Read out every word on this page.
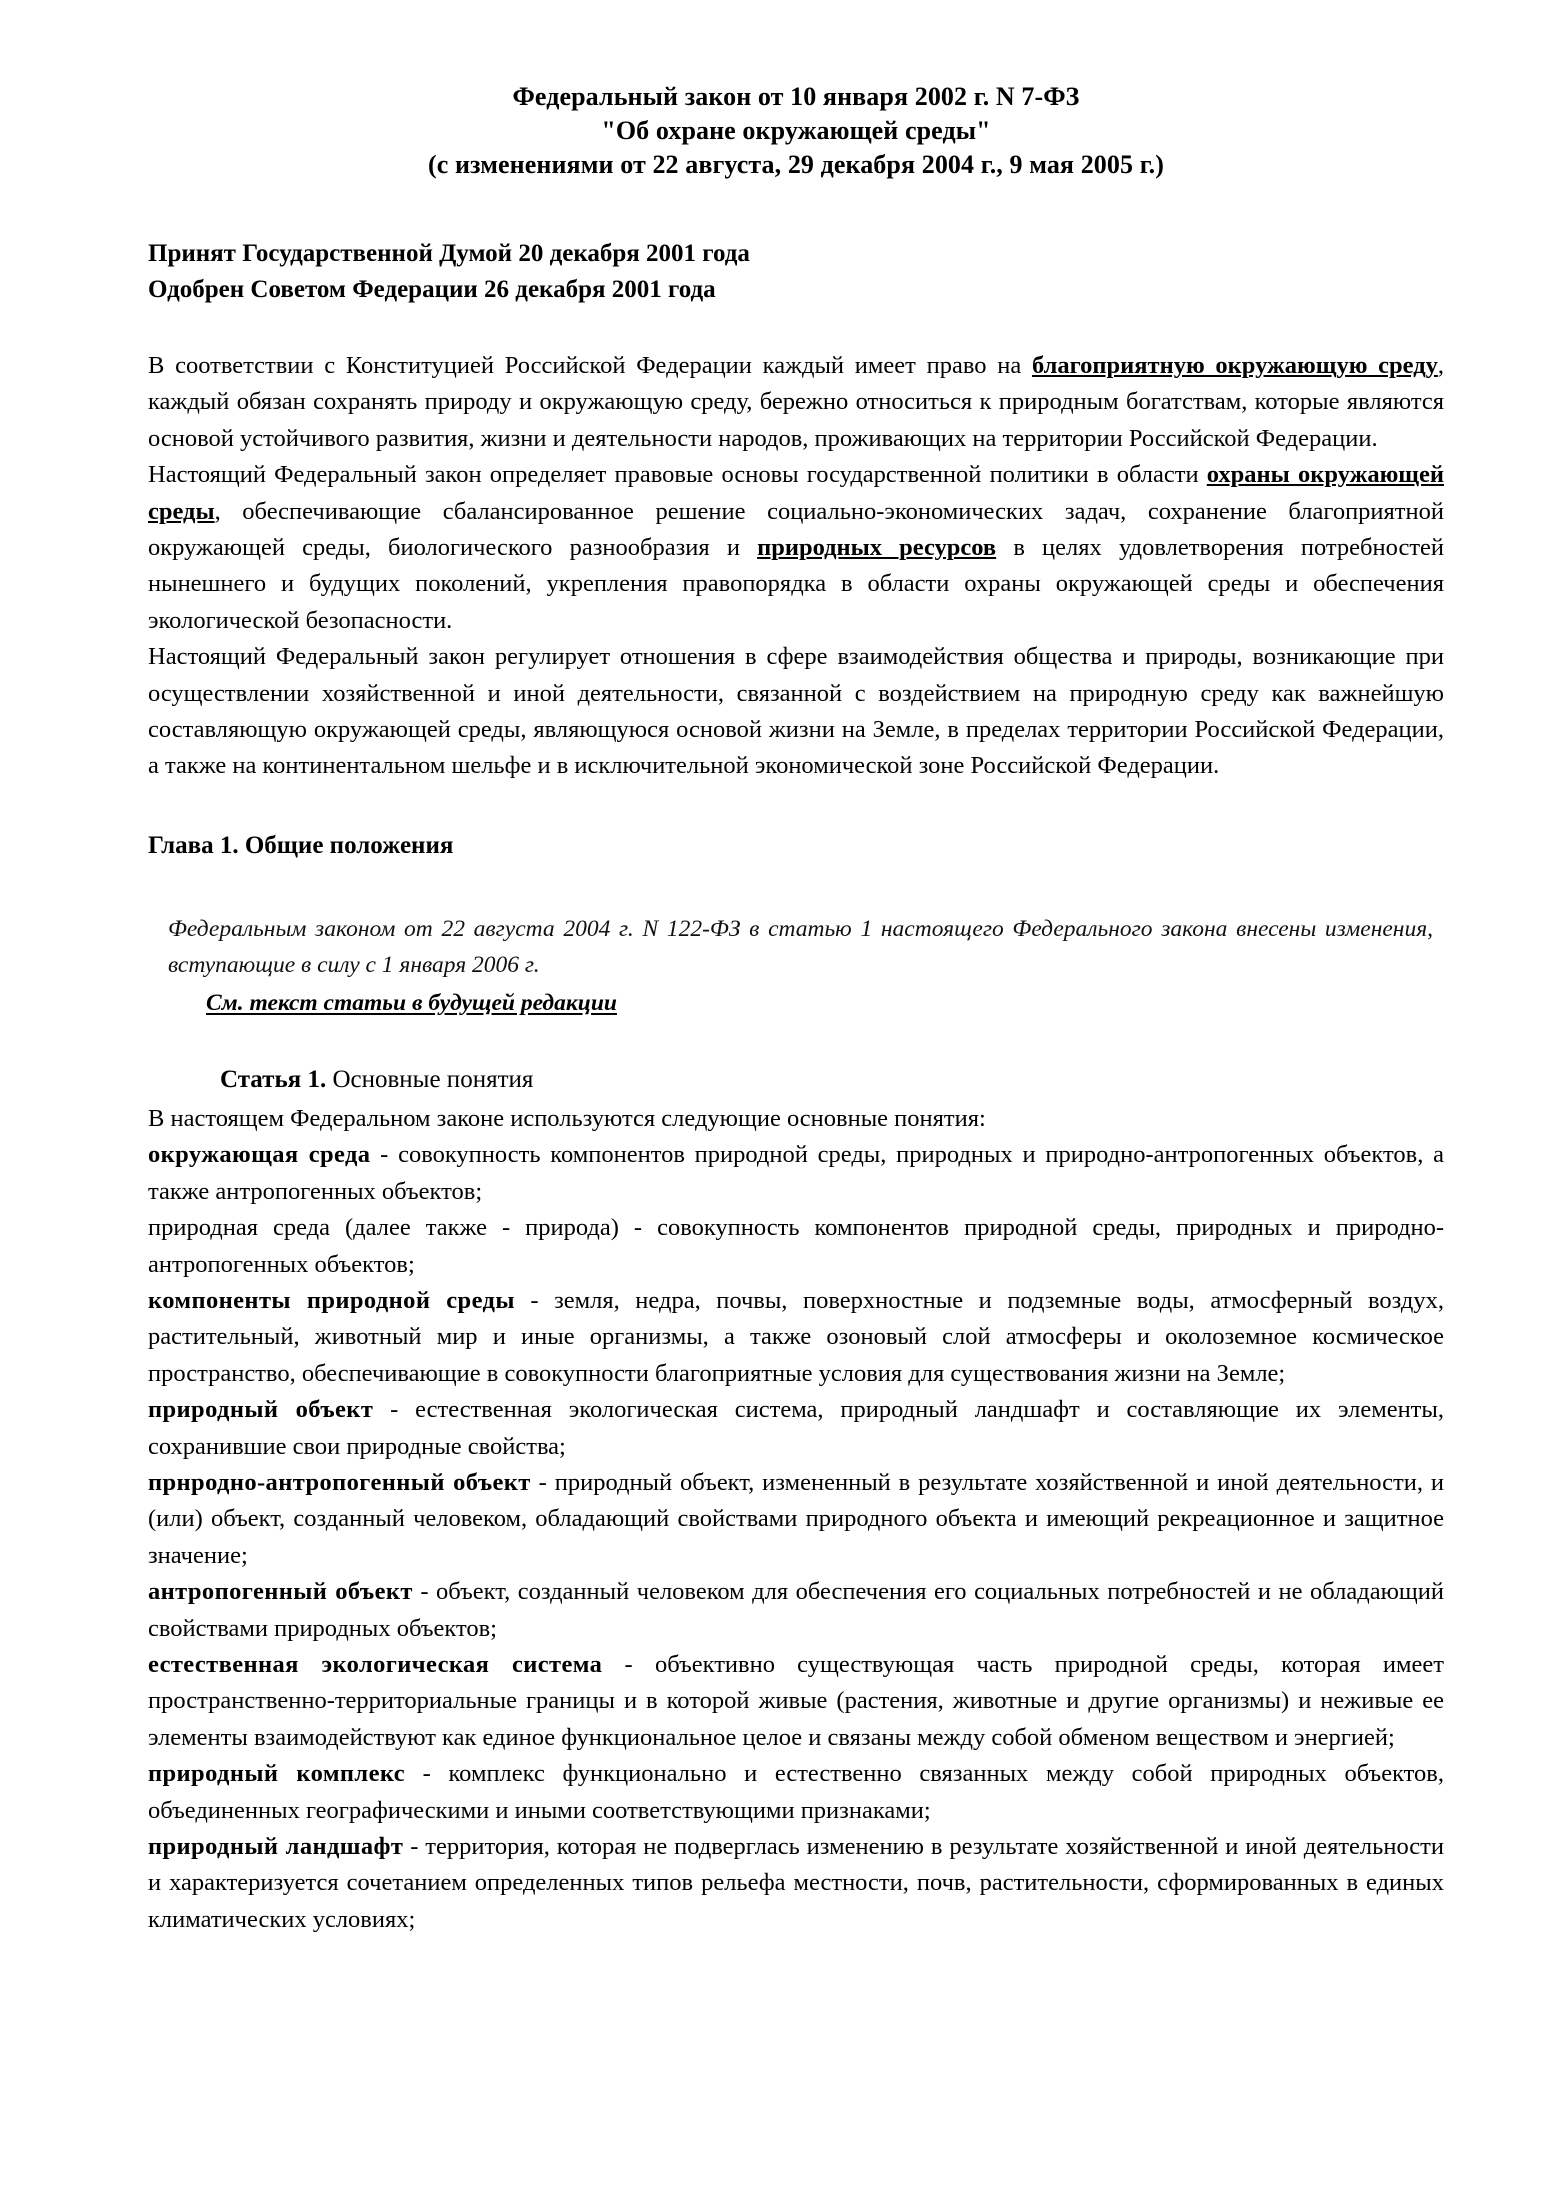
Федеральный закон от 10 января 2002 г. N 7-ФЗ
"Об охране окружающей среды"
(с изменениями от 22 августа, 29 декабря 2004 г., 9 мая 2005 г.)
Принят Государственной Думой 20 декабря 2001 года
Одобрен Советом Федерации 26 декабря 2001 года

В соответствии с Конституцией Российской Федерации каждый имеет право на благоприятную окружающую среду, каждый обязан сохранять природу и окружающую среду, бережно относиться к природным богатствам, которые являются основой устойчивого развития, жизни и деятельности народов, проживающих на территории Российской Федерации.

Настоящий Федеральный закон определяет правовые основы государственной политики в области охраны окружающей среды, обеспечивающие сбалансированное решение социально-экономических задач, сохранение благоприятной окружающей среды, биологического разнообразия и природных ресурсов в целях удовлетворения потребностей нынешнего и будущих поколений, укрепления правопорядка в области охраны окружающей среды и обеспечения экологической безопасности.

Настоящий Федеральный закон регулирует отношения в сфере взаимодействия общества и природы, возникающие при осуществлении хозяйственной и иной деятельности, связанной с воздействием на природную среду как важнейшую составляющую окружающей среды, являющуюся основой жизни на Земле, в пределах территории Российской Федерации, а также на континентальном шельфе и в исключительной экономической зоне Российской Федерации.

Глава 1. Общие положения
Федеральным законом от 22 августа 2004 г. N 122-ФЗ в статью 1 настоящего Федерального закона внесены изменения, вступающие в силу с 1 января 2006 г.
См. текст статьи в будущей редакции
Статья 1. Основные понятия

В настоящем Федеральном законе используются следующие основные понятия:

окружающая среда - совокупность компонентов природной среды, природных и природно-антропогенных объектов, а также антропогенных объектов;

природная среда (далее также - природа) - совокупность компонентов природной среды, природных и природно-антропогенных объектов;

компоненты природной среды - земля, недра, почвы, поверхностные и подземные воды, атмосферный воздух, растительный, животный мир и иные организмы, а также озоновый слой атмосферы и околоземное космическое пространство, обеспечивающие в совокупности благоприятные условия для существования жизни на Земле;

природный объект - естественная экологическая система, природный ландшафт и составляющие их элементы, сохранившие свои природные свойства;

прнродно-антропогенный объект - природный объект, измененный в результате хозяйственной и иной деятельности, и (или) объект, созданный человеком, обладающий свойствами природного объекта и имеющий рекреационное и защитное значение;

антропогенный объект - объект, созданный человеком для обеспечения его социальных потребностей и не обладающий свойствами природных объектов;

естественная экологическая система - объективно существующая часть природной среды, которая имеет пространственно-территориальные границы и в которой живые (растения, животные и другие организмы) и неживые ее элементы взаимодействуют как единое функциональное целое и связаны между собой обменом веществом и энергией;

природный комплекс - комплекс функционально и естественно связанных между собой природных объектов, объединенных географическими и иными соответствующими признаками;

природный ландшафт - территория, которая не подверглась изменению в результате хозяйственной и иной деятельности и характеризуется сочетанием определенных типов рельефа местности, почв, растительности, сформированных в единых климатических условиях;
